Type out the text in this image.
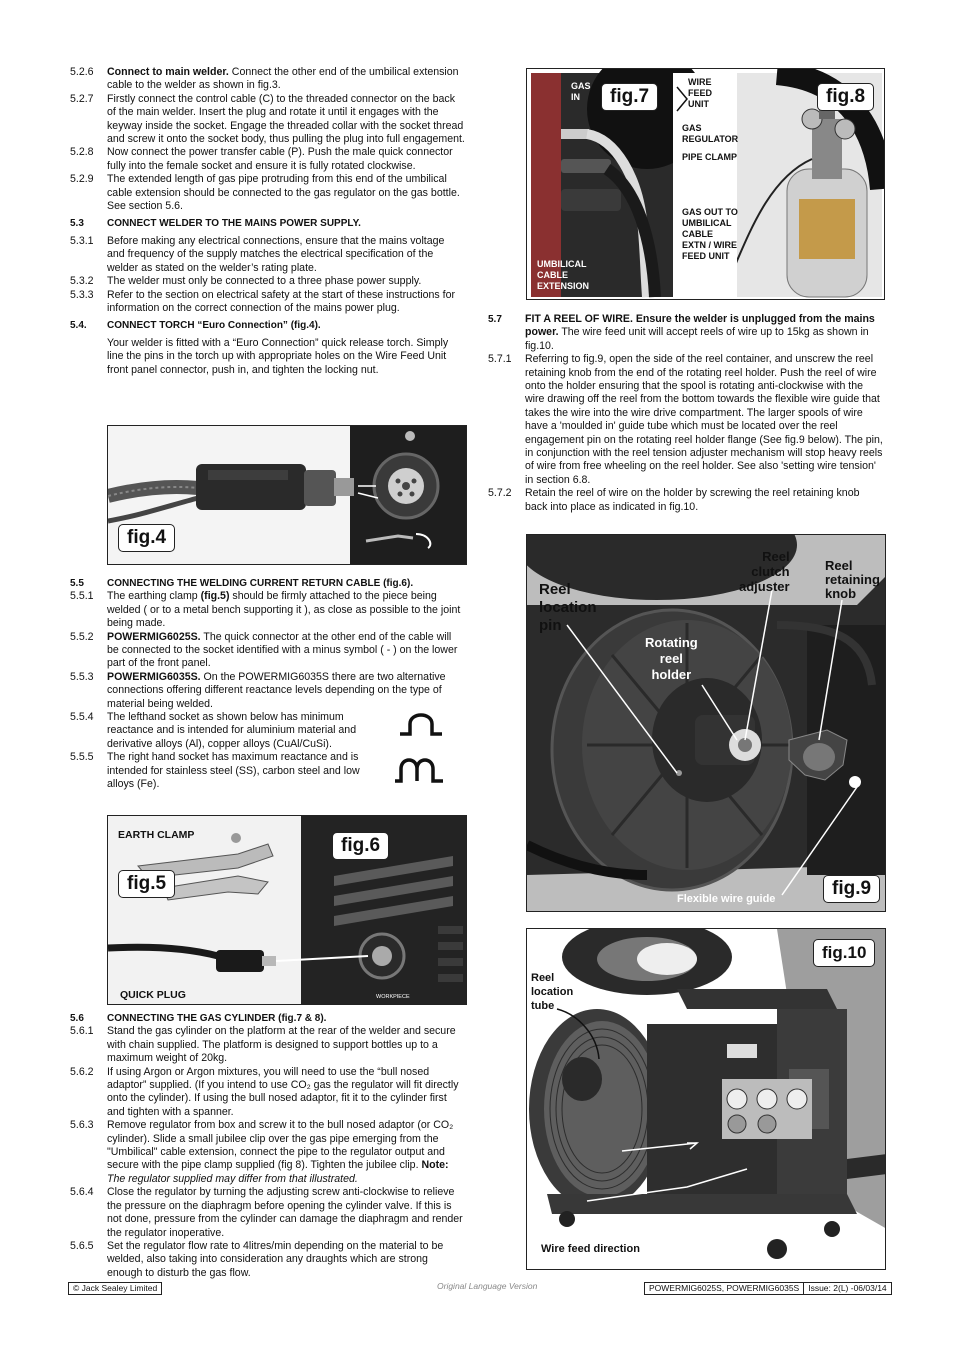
5.2.6	Connect to main welder. Connect the other end of the umbilical extension cable to the welder as shown in fig.3.
5.2.7	Firstly connect the control cable (C) to the threaded connector on the back of the main welder. Insert the plug and rotate it until it engages with the keyway inside the socket. Engage the threaded collar with the socket thread and screw it onto the socket body, thus pulling the plug into full engagement.
5.2.8	Now connect the power transfer cable (P). Push the male quick connector fully into the female socket and ensure it is fully rotated clockwise.
5.2.9	The extended length of gas pipe protruding from this end of the umbilical cable extension should be connected to the gas regulator on the gas bottle. See section 5.6.
5.3	CONNECT WELDER TO THE MAINS POWER SUPPLY.
5.3.1	Before making any electrical connections, ensure that the mains voltage and frequency of the supply matches the electrical specification of the welder as stated on the welder’s rating plate.
5.3.2	The welder must only be connected to a three phase power supply.
5.3.3	Refer to the section on electrical safety at the start of these instructions for information on the correct connection of the mains power plug.
5.4.	CONNECT TORCH “Euro Connection” (fig.4).
Your welder is fitted with a “Euro Connection” quick release torch. Simply line the pins in the torch up with appropriate holes on the Wire Feed Unit front panel connector, push in, and tighten the locking nut.
fig.4
5.5	CONNECTING THE WELDING CURRENT RETURN CABLE (fig.6).
5.5.1	The earthing clamp (fig.5) should be firmly attached to the piece being welded ( or to a metal bench supporting it ), as close as possible to the joint being made.
5.5.2	POWERMIG6025S. The quick connector at the other end of the cable will be connected to the socket identified with a minus symbol ( - ) on the lower part of the front panel.
5.5.3	POWERMIG6035S. On the POWERMIG6035S there are two alternative connections offering different reactance levels depending on the type of material being welded.
5.5.4	The lefthand socket as shown below has minimum reactance and is intended for aluminium material and derivative alloys (Al), copper alloys (CuAl/CuSi).
5.5.5	The right hand socket has maximum reactance and is intended for stainless steel (SS), carbon steel and low alloys (Fe).
EARTH CLAMP
QUICK PLUG	WORKPIECE
fig.5
fig.6
5.6	CONNECTING THE GAS CYLINDER (fig.7 & 8).
5.6.1	Stand the gas cylinder on the platform at the rear of the welder and secure with chain supplied. The platform is designed to support bottles up to a maximum weight of 20kg.
5.6.2	If using Argon or Argon mixtures, you will need to use the “bull nosed adaptor” supplied. (If you intend to use CO₂ gas the regulator will fit directly onto the cylinder). If using the bull nosed adaptor, fit it to the cylinder first and tighten with a spanner.
5.6.3	Remove regulator from box and screw it to the bull nosed adaptor (or CO₂ cylinder). Slide a small jubilee clip over the gas pipe emerging from the "Umbilical" cable extension, connect the pipe to the regulator output and secure with the pipe clamp supplied (fig 8). Tighten the jubilee clip. Note: The regulator supplied may differ from that illustrated.
5.6.4	Close the regulator by turning the adjusting screw anti-clockwise to relieve the pressure on the diaphragm before opening the cylinder valve. If this is not done, pressure from the cylinder can damage the diaphragm and render the regulator inoperative.
5.6.5	Set the regulator flow rate to 4litres/min depending on the material to be welded, also taking into consideration any draughts which are strong enough to disturb the gas flow.
GAS
IN
WIRE
FEED
UNIT
GAS
REGULATOR
PIPE CLAMP
GAS OUT TO
UMBILICAL
CABLE
EXTN / WIRE
FEED UNIT
UMBILICAL
CABLE
EXTENSION
fig.7	fig.8
5.7	FIT A REEL OF WIRE. Ensure the welder is unplugged from the mains power. The wire feed unit will accept reels of wire up to 15kg as shown in fig.10.
5.7.1	Referring to fig.9, open the side of the reel container, and unscrew the reel retaining knob from the end of the rotating reel holder. Push the reel of wire onto the holder ensuring that the spool is rotating anti-clockwise with the wire drawing off the reel from the bottom towards the flexible wire guide that takes the wire into the wire drive compartment. The larger spools of wire have a 'moulded in' guide tube which must be located over the reel engagement pin on the rotating reel holder flange (See fig.9 below). The pin, in conjunction with the reel tension adjuster mechanism will stop heavy reels of wire from free wheeling on the reel holder. See also 'setting wire tension' in section 6.8.
5.7.2	Retain the reel of wire on the holder by screwing the reel retaining knob back into place as indicated in fig.10.
Reel
location
pin
Reel
clutch
adjuster
Reel
retaining
knob
Rotating
reel
holder
Flexible wire guide	fig.9
Reel
location
tube
Wire feed direction
fig.10
© Jack Sealey Limited	Original Language Version	POWERMIG6025S, POWERMIG6035S Issue: 2(L) -06/03/14
